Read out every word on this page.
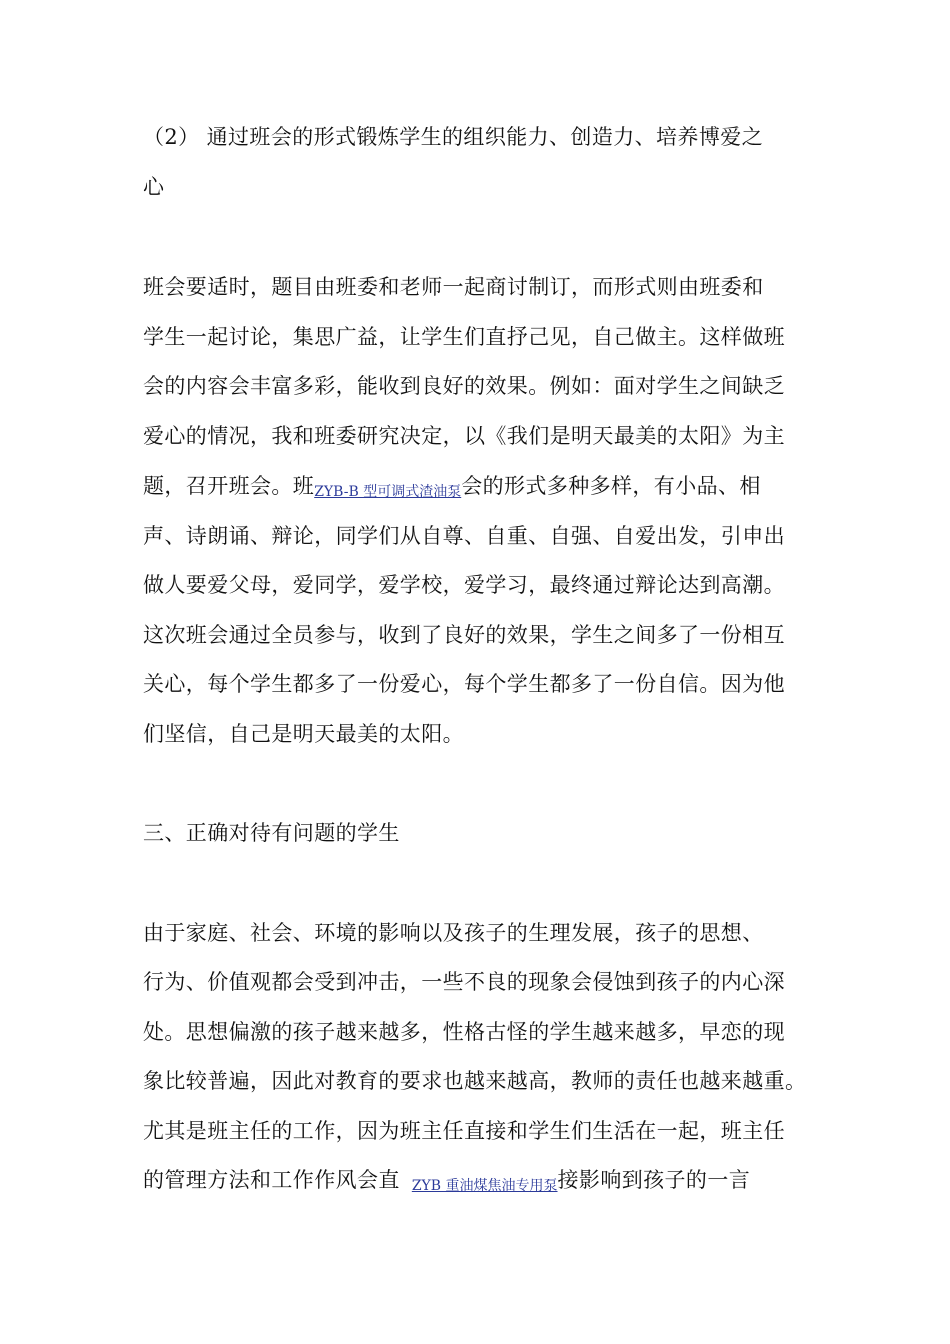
（2） 通过班会的形式锻炼学生的组织能力、创造力、培养博爱之
心
班会要适时，题目由班委和老师一起商讨制订，而形式则由班委和
学生一起讨论，集思广益，让学生们直抒己见，自己做主。这样做班
会的内容会丰富多彩，能收到良好的效果。例如：面对学生之间缺乏
爱心的情况，我和班委研究决定，以《我们是明天最美的太阳》为主
题，召开班会。班ZYB-B 型可调式渣油泵会的形式多种多样，有小品、相
声、诗朗诵、辩论，同学们从自尊、自重、自强、自爱出发，引申出
做人要爱父母，爱同学，爱学校，爱学习，最终通过辩论达到高潮。
这次班会通过全员参与，收到了良好的效果，学生之间多了一份相互
关心，每个学生都多了一份爱心，每个学生都多了一份自信。因为他
们坚信，自己是明天最美的太阳。
三、正确对待有问题的学生
由于家庭、社会、环境的影响以及孩子的生理发展，孩子的思想、
行为、价值观都会受到冲击，一些不良的现象会侵蚀到孩子的内心深
处。思想偏激的孩子越来越多，性格古怪的学生越来越多，早恋的现
象比较普遍，因此对教育的要求也越来越高，教师的责任也越来越重。
尤其是班主任的工作，因为班主任直接和学生们生活在一起，班主任
的管理方法和工作作风会直 ZYB 重油煤焦油专用泵接影响到孩子的一言
